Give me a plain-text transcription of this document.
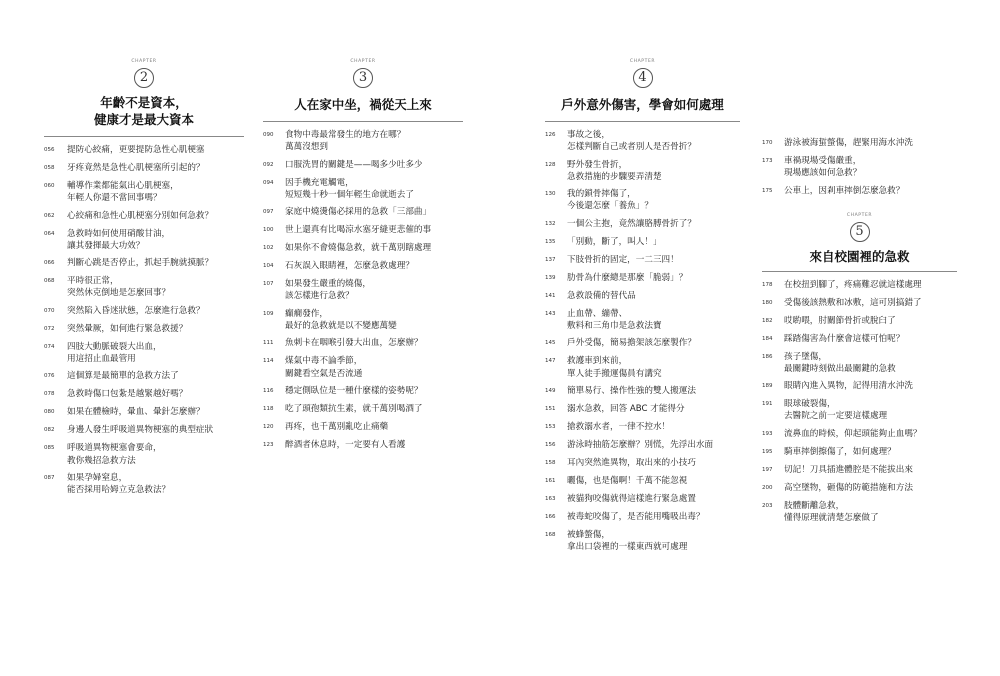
CHAPTER
2
年齡不是資本，
健康才是最大資本
056	提防心絞痛，更要提防急性心肌梗塞
058	牙疼竟然是急性心肌梗塞所引起的？
060	輔導作業都能氣出心肌梗塞，
年輕人你還不當回事嗎？
062	心絞痛和急性心肌梗塞分別如何急救？
064	急救時如何使用硝酸甘油，
讓其發揮最大功效？
066	判斷心跳是否停止，抓起手腕就摸脈？
068	平時很正常，
突然休克倒地是怎麼回事？
070	突然陷入昏迷狀態，怎麼進行急救？
072	突然暈厥，如何進行緊急救援？
074	四肢大動脈破裂大出血，
用這招止血最管用
076	這個算是最簡單的急救方法了
078	急救時傷口包紮是越緊越好嗎？
080	如果在體檢時，暈血、暈針怎麼辦？
082	身邊人發生呼吸道異物梗塞的典型症狀
085	呼吸道異物梗塞會要命，
教你幾招急救方法
087	如果孕婦窒息，
能否採用哈姆立克急救法？
CHAPTER
3
人在家中坐，禍從天上來
090	食物中毒最常發生的地方在哪？
萬萬沒想到
092	口服洗胃的關鍵是——喝多少吐多少
094	因手機充電觸電，
短短幾十秒一個年輕生命就逝去了
097	家庭中燒燙傷必採用的急救「三部曲」
100	世上還真有比喝涼水塞牙縫更悲催的事
102	如果你不會燒傷急救，就千萬別瞎處理
104	石灰誤入眼睛裡，怎麼急救處理？
107	如果發生嚴重的燒傷，
該怎樣進行急救？
109	癲癇發作，
最好的急救就是以不變應萬變
111	魚刺卡在咽喉引發大出血，怎麼辦？
114	煤氣中毒不論季節，
關鍵看空氣是否流通
116	穩定側臥位是一種什麼樣的姿勢呢？
118	吃了頭孢類抗生素，就千萬別喝酒了
120	再疼，也千萬別亂吃止痛藥
123	醉酒者休息時，一定要有人看護
CHAPTER
4
戶外意外傷害，學會如何處理
126	事故之後，
怎樣判斷自己或者別人是否骨折？
128	野外發生骨折，
急救措施的步驟要弄清楚
130	我的鎖骨摔傷了，
今後還怎麼「養魚」？
132	一個公主抱，竟然讓胳膊骨折了？
135	「別動，斷了，叫人！」
137	下肢骨折的固定，一二三四！
139	肋骨為什麼總是那麼「脆弱」？
141	急救設備的替代品
143	止血帶、繃帶、
敷料和三角巾是急救法寶
145	戶外受傷，簡易擔架該怎麼製作？
147	救護車到來前，
單人徒手搬運傷員有講究
149	簡單易行、操作性強的雙人搬運法
151	溺水急救，回答 ABC 才能得分
153	搶救溺水者，一律不控水！
156	游泳時抽筋怎麼辦？別慌，先浮出水面
158	耳內突然進異物，取出來的小技巧
161	曬傷，也是傷啊！千萬不能忽視
163	被貓狗咬傷就得這樣進行緊急處置
166	被毒蛇咬傷了，是否能用嘴吸出毒？
168	被蜂螫傷，
拿出口袋裡的一樣東西就可處理
170	游泳被海蜇螫傷，趕緊用海水沖洗
173	車禍現場受傷嚴重，
現場應該如何急救？
175	公車上，因剎車摔倒怎麼急救？
CHAPTER
5
來自校園裡的急救
178	在校扭到腳了，疼痛難忍就這樣處理
180	受傷後該熱敷和冰敷，這可別搞錯了
182	哎喲喂，肘關節骨折或脫臼了
184	踩踏傷害為什麼會這樣可怕呢？
186	孩子墜傷，
最關鍵時刻做出最關鍵的急救
189	眼睛內進入異物，記得用清水沖洗
191	眼球破裂傷，
去醫院之前一定要這樣處理
193	流鼻血的時候，仰起頭能夠止血嗎？
195	騎車摔倒擦傷了，如何處理？
197	切記！刀具插進體腔是不能拔出來
200	高空墜物，砸傷的防範措施和方法
203	肢體斷離急救，
懂得原理就清楚怎麼做了
